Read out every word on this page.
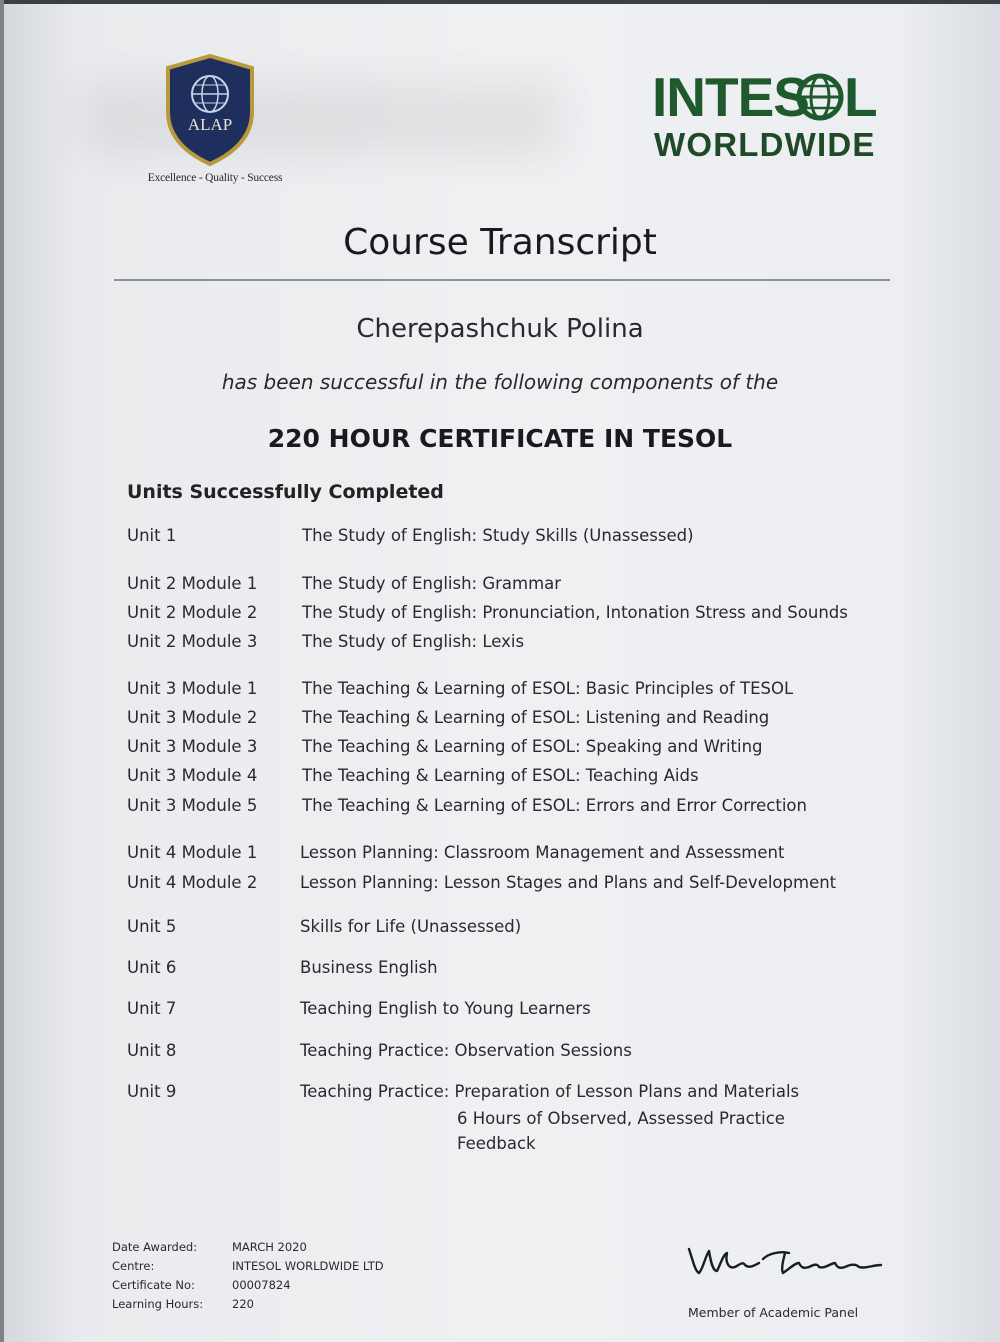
ALAP
Excellence - Quality - Success
INTES L
WORLDWIDE
Course Transcript
Cherepashchuk Polina
has been successful in the following components of the
220 HOUR CERTIFICATE IN TESOL
Units Successfully Completed
Unit 1	The Study of English: Study Skills (Unassessed)
Unit 2 Module 1	The Study of English: Grammar
Unit 2 Module 2	The Study of English: Pronunciation, Intonation Stress and Sounds
Unit 2 Module 3	The Study of English: Lexis
Unit 3 Module 1	The Teaching & Learning of ESOL: Basic Principles of TESOL
Unit 3 Module 2	The Teaching & Learning of ESOL: Listening and Reading
Unit 3 Module 3	The Teaching & Learning of ESOL: Speaking and Writing
Unit 3 Module 4	The Teaching & Learning of ESOL: Teaching Aids
Unit 3 Module 5	The Teaching & Learning of ESOL: Errors and Error Correction
Unit 4 Module 1	Lesson Planning: Classroom Management and Assessment
Unit 4 Module 2	Lesson Planning: Lesson Stages and Plans and Self-Development
Unit 5	Skills for Life (Unassessed)
Unit 6	Business English
Unit 7	Teaching English to Young Learners
Unit 8	Teaching Practice: Observation Sessions
Unit 9	Teaching Practice: Preparation of Lesson Plans and Materials
6 Hours of Observed, Assessed Practice
Feedback
Date Awarded:	MARCH 2020
Centre:	INTESOL WORLDWIDE LTD
Certificate No:	00007824
Learning Hours:	220
Member of Academic Panel
